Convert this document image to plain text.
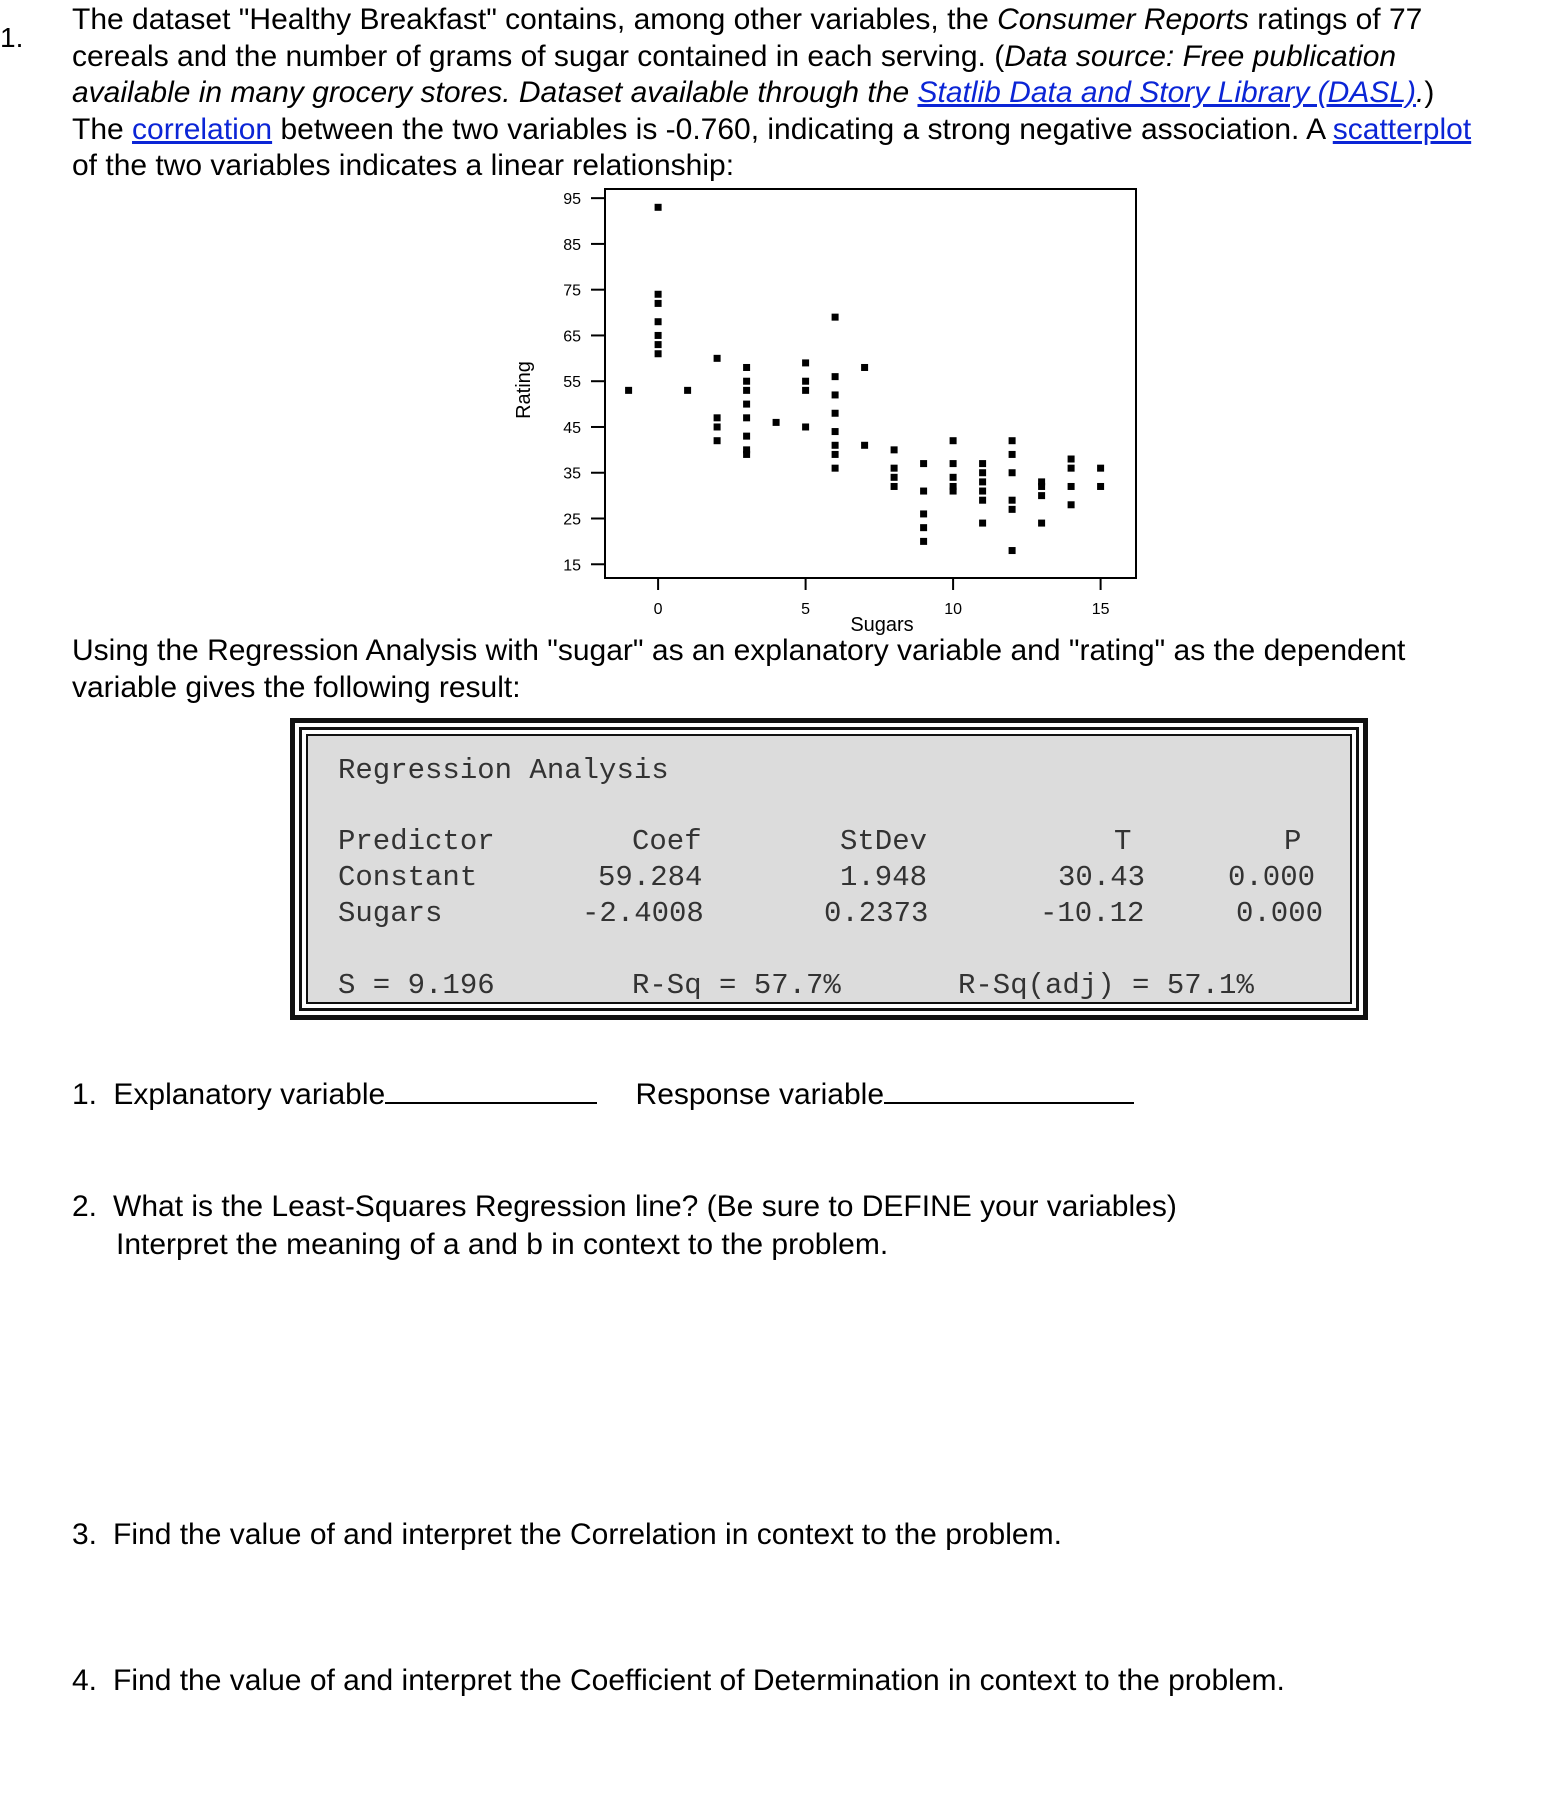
1.
The dataset "Healthy Breakfast" contains, among other variables, the Consumer Reports ratings of 77
cereals and the number of grams of sugar contained in each serving. (Data source: Free publication
available in many grocery stores. Dataset available through the Statlib Data and Story Library (DASL).)
The correlation between the two variables is -0.760, indicating a strong negative association. A scatterplot
of the two variables indicates a linear relationship:
95
85
75
65
55
45
35
25
15
0	5	10	15
Sugars
Rating
Using the Regression Analysis with "sugar" as an explanatory variable and "rating" as the dependent
variable gives the following result:
Regression Analysis
Predictor	Coef	StDev	T	P
Constant	59.284	1.948	30.43	0.000
Sugars	-2.4008	0.2373	-10.12	0.000
S = 9.196	R-Sq = 57.7%	R-Sq(adj) = 57.1%
1. Explanatory variable	Response variable
2. What is the Least-Squares Regression line? (Be sure to DEFINE your variables)
Interpret the meaning of a and b in context to the problem.
3. Find the value of and interpret the Correlation in context to the problem.
4. Find the value of and interpret the Coefficient of Determination in context to the problem.
